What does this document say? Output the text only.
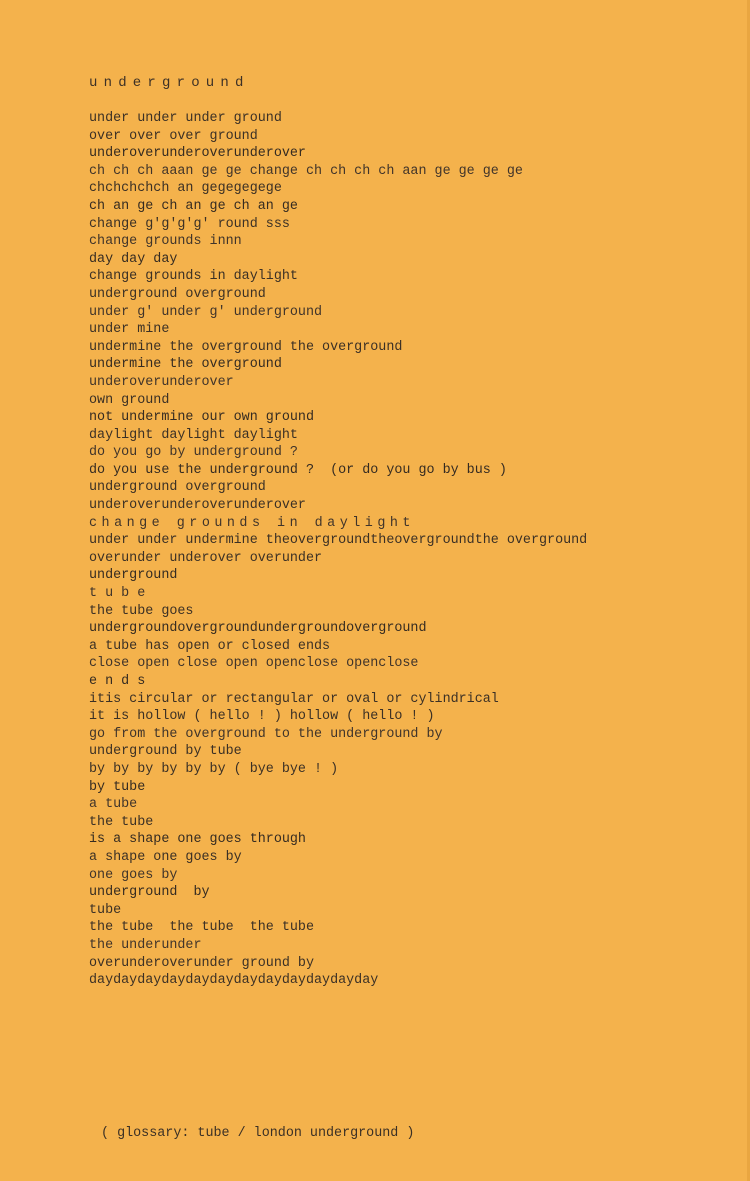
underground
under under under ground
over over over ground
underoverunderoverunderover
ch ch ch aaan ge ge change ch ch ch ch aan ge ge ge ge
chchchchch an gegegegege
ch an ge ch an ge ch an ge
change g'g'g'g' round sss
change grounds innn
day day day
change grounds in daylight
underground overground
under g' under g' underground
under mine
undermine the overground the overground
undermine the overground
underoverunderover
own ground
not undermine our own ground
daylight daylight daylight
do you go by underground ?
do you use the underground ?  (or do you go by bus )
underground overground
underoverunderoverunderover
change grounds in daylight
under under undermine theovergroundtheovergroundthe overground
overunder underover overunder
underground
t u b e
the tube goes
undergroundovergroundundergroundoverground
a tube has open or closed ends
close open close open openclose openclose
e n d s
itis circular or rectangular or oval or cylindrical
it is hollow ( hello ! ) hollow ( hello ! )
go from the overground to the underground by
underground by tube
by by by by by by ( bye bye ! )
by tube
a tube
the tube
is a shape one goes through
a shape one goes by
one goes by
underground  by
tube
the tube  the tube  the tube
the underunder
overunderoverunder ground by
daydaydaydaydaydaydaydaydaydaydayday
( glossary: tube / london underground )
